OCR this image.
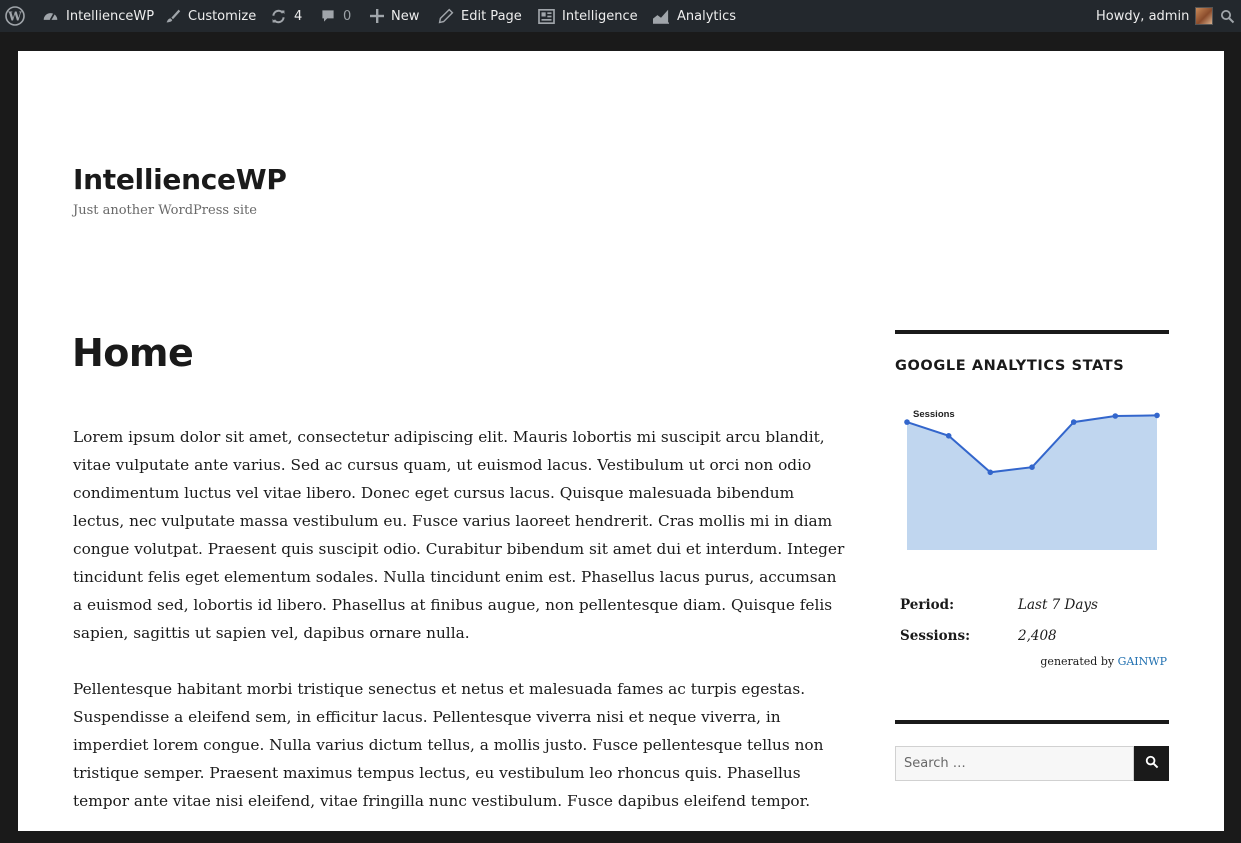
W	IntellienceWP	Customize	4	0	New	Edit Page	Intelligence	Analytics	Howdy, admin
IntellienceWP

Just another WordPress site

Home

Lorem ipsum dolor sit amet, consectetur adipiscing elit. Mauris lobortis mi suscipit arcu blandit, vitae vulputate ante varius. Sed ac cursus quam, ut euismod lacus. Vestibulum ut orci non odio condimentum luctus vel vitae libero. Donec eget cursus lacus. Quisque malesuada bibendum lectus, nec vulputate massa vestibulum eu. Fusce varius laoreet hendrerit. Cras mollis mi in diam congue volutpat. Praesent quis suscipit odio. Curabitur bibendum sit amet dui et interdum. Integer tincidunt felis eget elementum sodales. Nulla tincidunt enim est. Phasellus lacus purus, accumsan a euismod sed, lobortis id libero. Phasellus at finibus augue, non pellentesque diam. Quisque felis sapien, sagittis ut sapien vel, dapibus ornare nulla.

Pellentesque habitant morbi tristique senectus et netus et malesuada fames ac turpis egestas. Suspendisse a eleifend sem, in efficitur lacus. Pellentesque viverra nisi et neque viverra, in imperdiet lorem congue. Nulla varius dictum tellus, a mollis justo. Fusce pellentesque tellus non tristique semper. Praesent maximus tempus lectus, eu vestibulum leo rhoncus quis. Phasellus tempor ante vitae nisi eleifend, vitae fringilla nunc vestibulum. Fusce dapibus eleifend tempor.

GOOGLE ANALYTICS STATS
Sessions
Period:	Last 7 Days
Sessions:	2,408
generated by GAINWP
Search …
